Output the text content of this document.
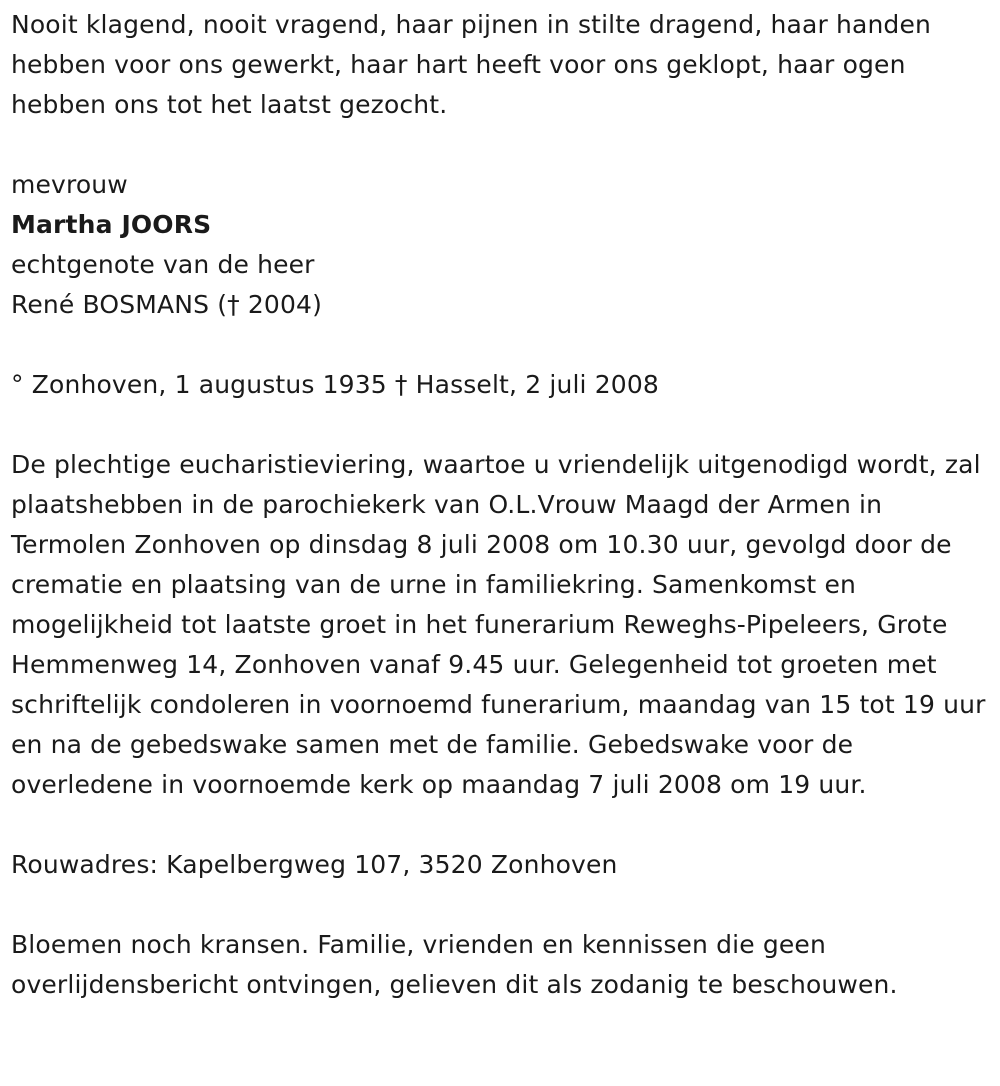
Nooit klagend, nooit vragend, haar pijnen in stilte dragend, haar handen hebben voor ons gewerkt, haar hart heeft voor ons geklopt, haar ogen hebben ons tot het laatst gezocht.

mevrouw

Martha JOORS

echtgenote van de heer

René BOSMANS († 2004)

° Zonhoven, 1 augustus 1935 † Hasselt, 2 juli 2008

De plechtige eucharistieviering, waartoe u vriendelijk uitgenodigd wordt, zal plaatshebben in de parochiekerk van O.L.Vrouw Maagd der Armen in Termolen Zonhoven op dinsdag 8 juli 2008 om 10.30 uur, gevolgd door de crematie en plaatsing van de urne in familiekring. Samenkomst en mogelijkheid tot laatste groet in het funerarium Reweghs-Pipeleers, Grote Hemmenweg 14, Zonhoven vanaf 9.45 uur. Gelegenheid tot groeten met schriftelijk condoleren in voornoemd funerarium, maandag van 15 tot 19 uur en na de gebedswake samen met de familie. Gebedswake voor de overledene in voornoemde kerk op maandag 7 juli 2008 om 19 uur.

Rouwadres: Kapelbergweg 107, 3520 Zonhoven

Bloemen noch kransen. Familie, vrienden en kennissen die geen overlijdensbericht ontvingen, gelieven dit als zodanig te beschouwen.
